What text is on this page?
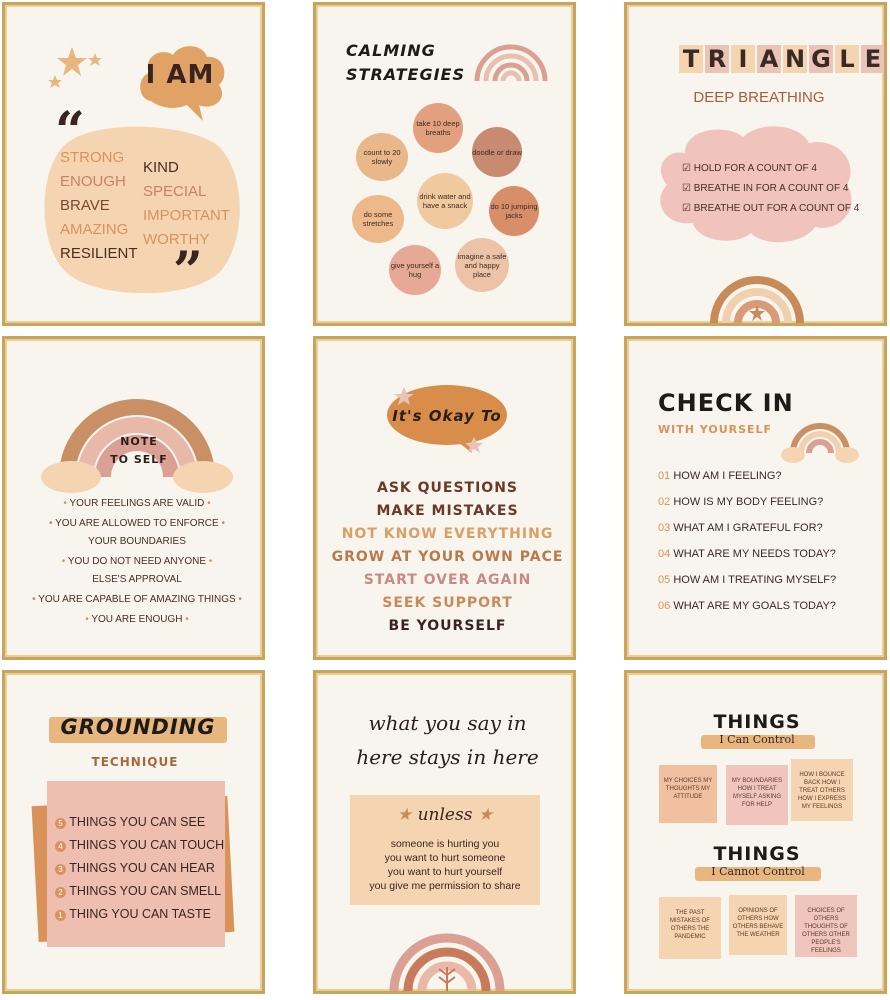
I AM
“
”
STRONG
ENOUGH
BRAVE
AMAZING
RESILIENT
KIND
SPECIAL
IMPORTANT
WORTHY
CALMING
STRATEGIES
take 10 deep breaths
count to 20 slowly
doodle or draw
drink water and have a snack
do some stretches
do 10 jumping jacks
give yourself a hug
imagine a safe and happy place
T R I A N G L E
DEEP BREATHING
☑ HOLD FOR A COUNT OF 4
☑ BREATHE IN FOR A COUNT OF 4
☑ BREATHE OUT FOR A COUNT OF 4
NOTE
TO SELF
• YOUR FEELINGS ARE VALID •
• YOU ARE ALLOWED TO ENFORCE •
YOUR BOUNDARIES
• YOU DO NOT NEED ANYONE •
ELSE'S APPROVAL
• YOU ARE CAPABLE OF AMAZING THINGS •
• YOU ARE ENOUGH •
It's Okay To
ASK QUESTIONS
MAKE MISTAKES
NOT KNOW EVERYTHING
GROW AT YOUR OWN PACE
START OVER AGAIN
SEEK SUPPORT
BE YOURSELF
CHECK IN
WITH YOURSELF
01 HOW AM I FEELING?
02 HOW IS MY BODY FEELING?
03 WHAT AM I GRATEFUL FOR?
04 WHAT ARE MY NEEDS TODAY?
05 HOW AM I TREATING MYSELF?
06 WHAT ARE MY GOALS TODAY?
GROUNDING
TECHNIQUE
5 THINGS YOU CAN SEE
4 THINGS YOU CAN TOUCH
3 THINGS YOU CAN HEAR
2 THINGS YOU CAN SMELL
1 THING YOU CAN TASTE
what you say in
here stays in here
★ unless ★
someone is hurting you
you want to hurt someone
you want to hurt yourself
you give me permission to share
THINGS
I Can Control
MY CHOICES MY THOUGHTS MY ATTITUDE
MY BOUNDARIES HOW I TREAT MYSELF ASKING FOR HELP
HOW I BOUNCE BACK HOW I TREAT OTHERS HOW I EXPRESS MY FEELINGS
THINGS
I Cannot Control
THE PAST MISTAKES OF OTHERS THE PANDEMIC
OPINIONS OF OTHERS HOW OTHERS BEHAVE THE WEATHER
CHOICES OF OTHERS THOUGHTS OF OTHERS OTHER PEOPLE'S FEELINGS
